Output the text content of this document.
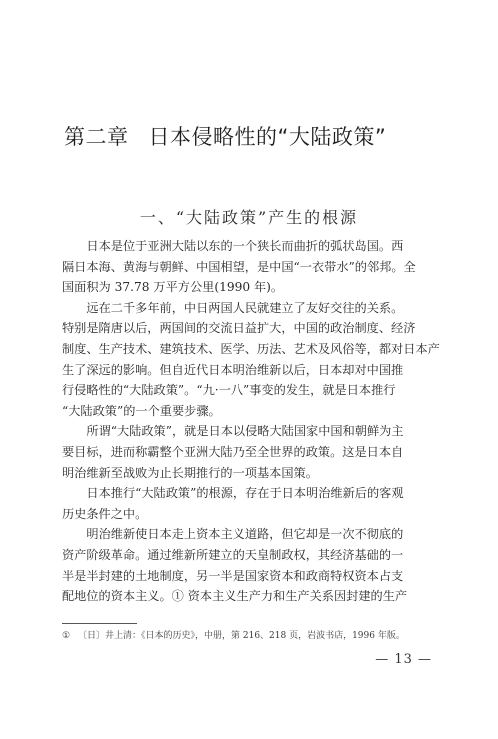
第二章 日本侵略性的“大陆政策”
一、“大陆政策”产生的根源

日本是位于亚洲大陆以东的一个狭长而曲折的弧状岛国。西
隔日本海、黄海与朝鲜、中国相望，是中国“一衣带水”的邻邦。全
国面积为 37.78 万平方公里(1990 年)。

远在二千多年前，中日两国人民就建立了友好交往的关系。
特别是隋唐以后，两国间的交流日益扩大，中国的政治制度、经济
制度、生产技术、建筑技术、医学、历法、艺术及风俗等，都对日本产
生了深远的影响。但自近代日本明治维新以后，日本却对中国推
行侵略性的“大陆政策”。“九·一八”事变的发生，就是日本推行
“大陆政策”的一个重要步骤。

所谓“大陆政策”，就是日本以侵略大陆国家中国和朝鲜为主
要目标，进而称霸整个亚洲大陆乃至全世界的政策。这是日本自
明治维新至战败为止长期推行的一项基本国策。

日本推行“大陆政策”的根源，存在于日本明治维新后的客观
历史条件之中。

明治维新使日本走上资本主义道路，但它却是一次不彻底的
资产阶级革命。通过维新所建立的天皇制政权，其经济基础的一
半是半封建的土地制度，另一半是国家资本和政商特权资本占支
配地位的资本主义。① 资本主义生产力和生产关系因封建的生产

① 〔日〕井上清：《日本的历史》，中册，第 216、218 页，岩波书店，1996 年版。
— 13 —
